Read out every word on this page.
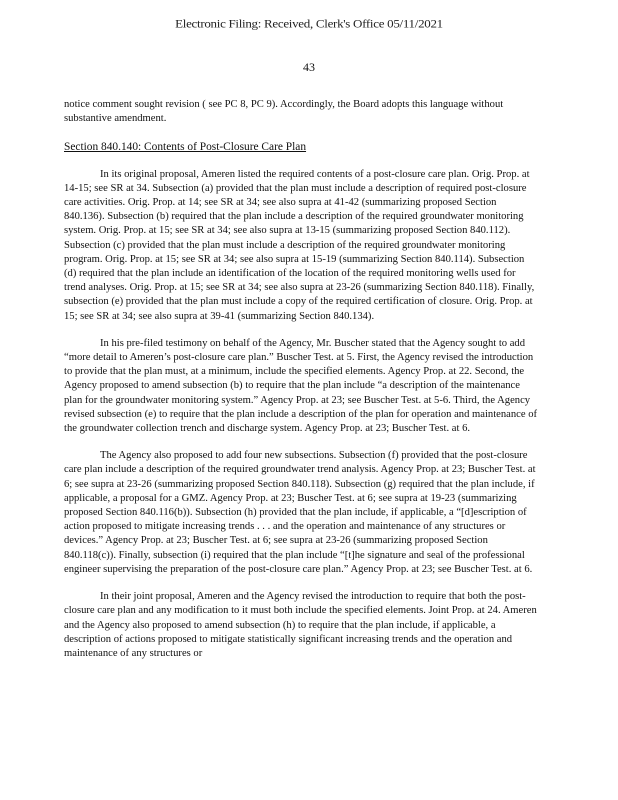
Electronic Filing: Received, Clerk's Office 05/11/2021
43

notice comment sought revision ( see PC 8, PC 9). Accordingly, the Board adopts this language without substantive amendment.

Section 840.140: Contents of Post-Closure Care Plan

In its original proposal, Ameren listed the required contents of a post-closure care plan. Orig. Prop. at 14-15; see SR at 34. Subsection (a) provided that the plan must include a description of required post-closure care activities. Orig. Prop. at 14; see SR at 34; see also supra at 41-42 (summarizing proposed Section 840.136). Subsection (b) required that the plan include a description of the required groundwater monitoring system. Orig. Prop. at 15; see SR at 34; see also supra at 13-15 (summarizing proposed Section 840.112). Subsection (c) provided that the plan must include a description of the required groundwater monitoring program. Orig. Prop. at 15; see SR at 34; see also supra at 15-19 (summarizing Section 840.114). Subsection (d) required that the plan include an identification of the location of the required monitoring wells used for trend analyses. Orig. Prop. at 15; see SR at 34; see also supra at 23-26 (summarizing Section 840.118). Finally, subsection (e) provided that the plan must include a copy of the required certification of closure. Orig. Prop. at 15; see SR at 34; see also supra at 39-41 (summarizing Section 840.134).

In his pre-filed testimony on behalf of the Agency, Mr. Buscher stated that the Agency sought to add “more detail to Ameren’s post-closure care plan.” Buscher Test. at 5. First, the Agency revised the introduction to provide that the plan must, at a minimum, include the specified elements. Agency Prop. at 22. Second, the Agency proposed to amend subsection (b) to require that the plan include “a description of the maintenance plan for the groundwater monitoring system.” Agency Prop. at 23; see Buscher Test. at 5-6. Third, the Agency revised subsection (e) to require that the plan include a description of the plan for operation and maintenance of the groundwater collection trench and discharge system. Agency Prop. at 23; Buscher Test. at 6.

The Agency also proposed to add four new subsections. Subsection (f) provided that the post-closure care plan include a description of the required groundwater trend analysis. Agency Prop. at 23; Buscher Test. at 6; see supra at 23-26 (summarizing proposed Section 840.118). Subsection (g) required that the plan include, if applicable, a proposal for a GMZ. Agency Prop. at 23; Buscher Test. at 6; see supra at 19-23 (summarizing proposed Section 840.116(b)). Subsection (h) provided that the plan include, if applicable, a “[d]escription of action proposed to mitigate increasing trends . . . and the operation and maintenance of any structures or devices.” Agency Prop. at 23; Buscher Test. at 6; see supra at 23-26 (summarizing proposed Section 840.118(c)). Finally, subsection (i) required that the plan include “[t]he signature and seal of the professional engineer supervising the preparation of the post-closure care plan.” Agency Prop. at 23; see Buscher Test. at 6.

In their joint proposal, Ameren and the Agency revised the introduction to require that both the post-closure care plan and any modification to it must both include the specified elements. Joint Prop. at 24. Ameren and the Agency also proposed to amend subsection (h) to require that the plan include, if applicable, a description of actions proposed to mitigate statistically significant increasing trends and the operation and maintenance of any structures or
